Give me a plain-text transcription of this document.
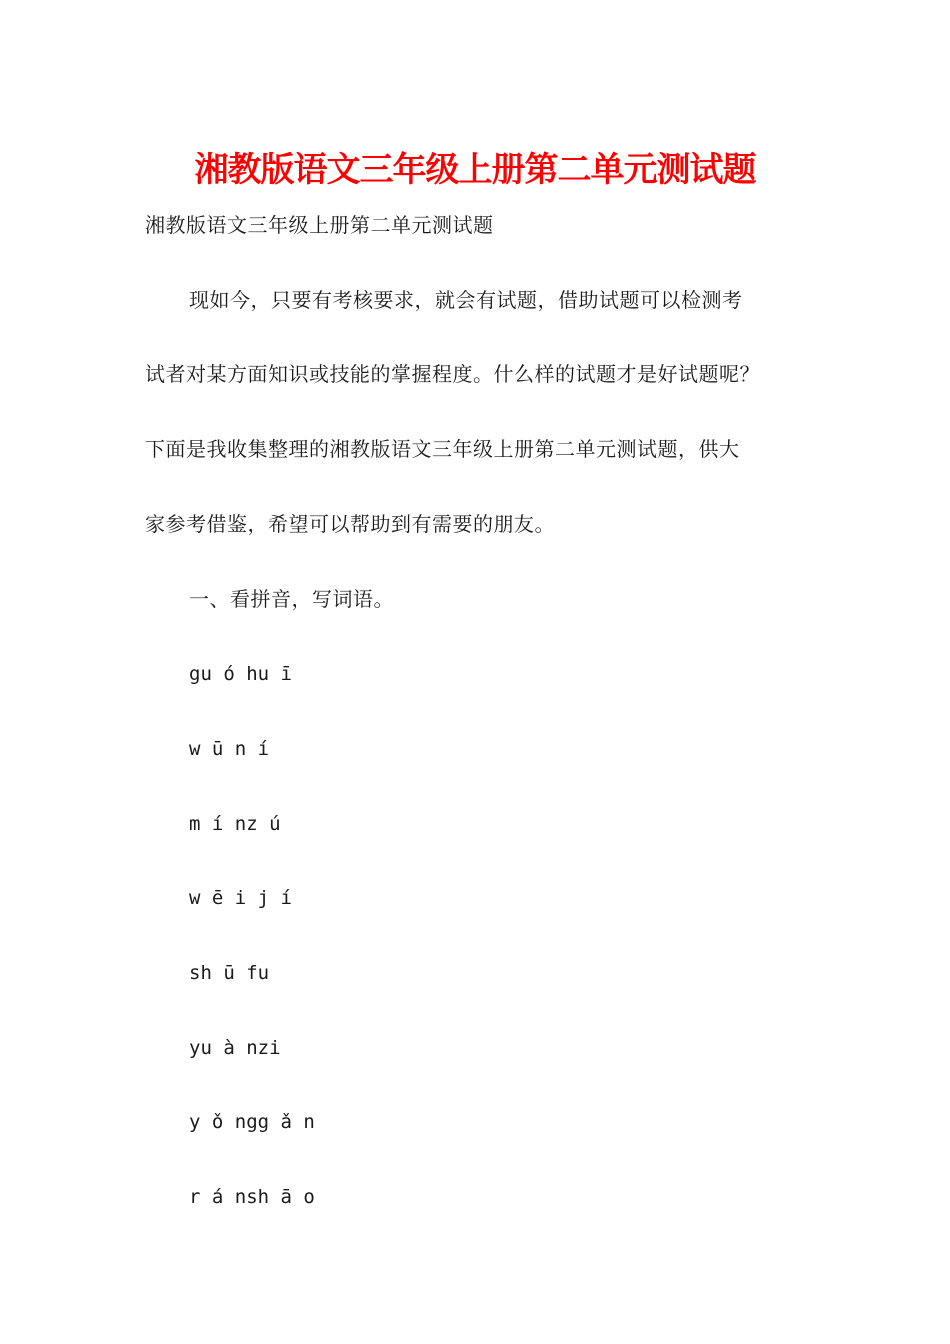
湘教版语文三年级上册第二单元测试题
湘教版语文三年级上册第二单元测试题
现如今，只要有考核要求，就会有试题，借助试题可以检测考
试者对某方面知识或技能的掌握程度。什么样的试题才是好试题呢？
下面是我收集整理的湘教版语文三年级上册第二单元测试题，供大
家参考借鉴，希望可以帮助到有需要的朋友。
一、看拼音，写词语。
gu ó hu ī
w ū n í
m í nz ú
w ē i j í
sh ū fu
yu à nzi
y ǒ ngg ǎ n
r á nsh ā o
